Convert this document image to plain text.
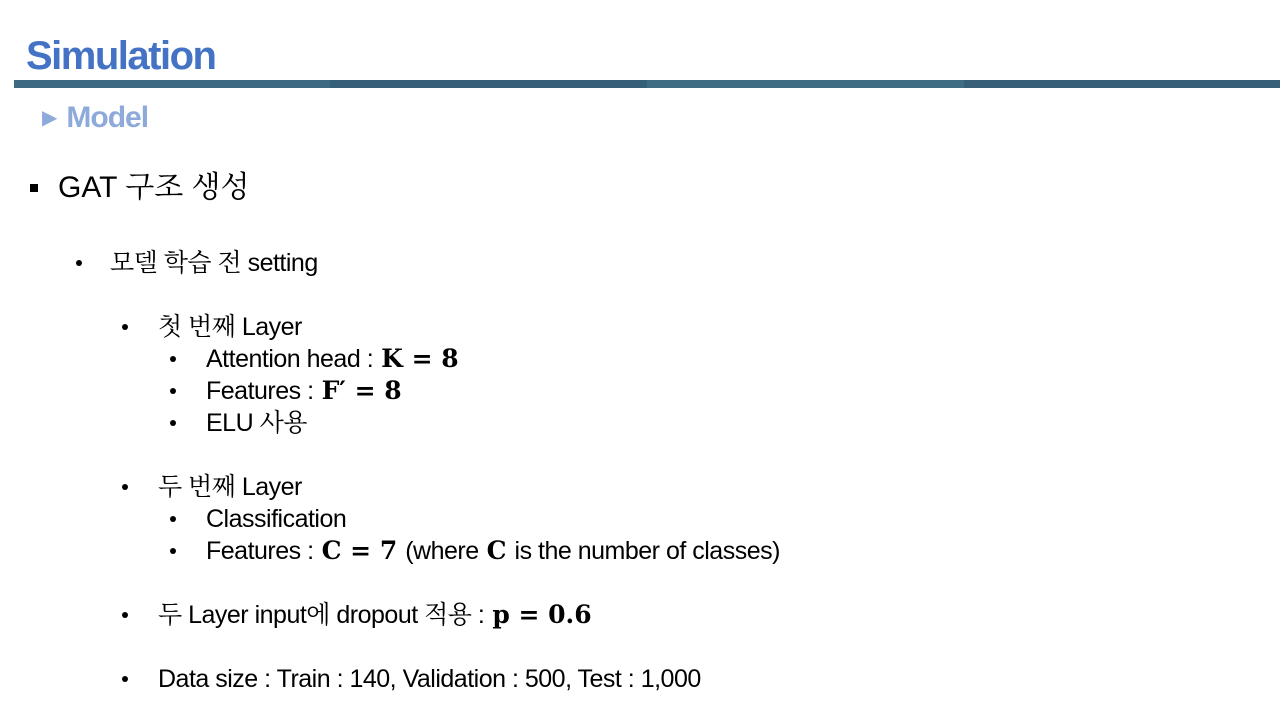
Simulation
▶ Model
GAT 구조 생성
모델 학습 전 setting
첫 번째 Layer
Attention head : K = 8
Features : F′ = 8
ELU 사용
두 번째 Layer
Classification
Features : C = 7 (where C is the number of classes)
두 Layer input에 dropout 적용 : p = 0.6
Data size : Train : 140, Validation : 500, Test : 1,000
